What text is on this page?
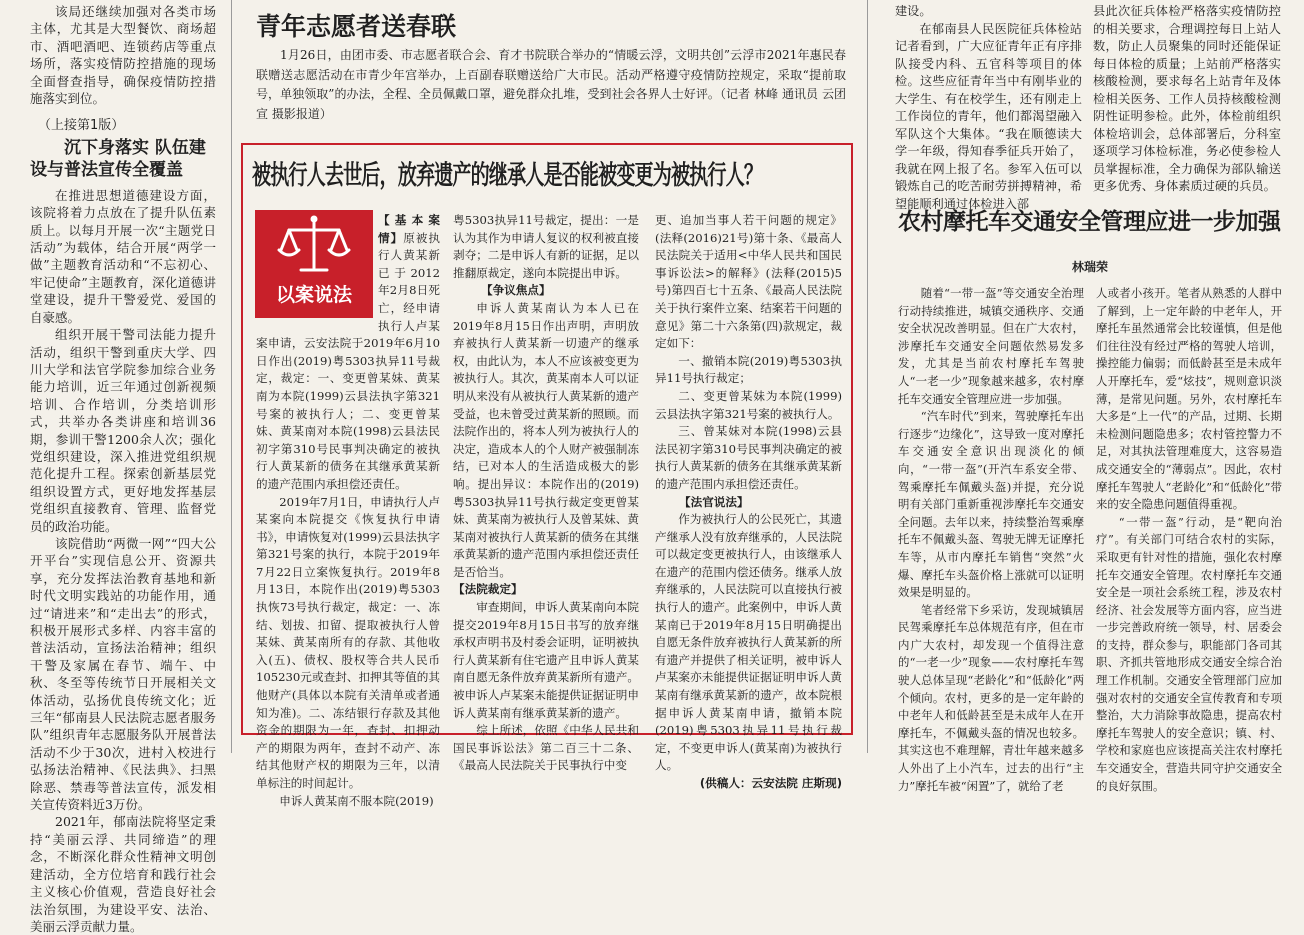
该局还继续加强对各类市场主体，尤其是大型餐饮、商场超市、酒吧酒吧、连锁药店等重点场所，落实疫情防控措施的现场全面督查指导，确保疫情防控措施落实到位。

（上接第1版）
沉下身落实 队伍建
设与普法宣传全覆盖

在推进思想道德建设方面，该院将着力点放在了提升队伍素质上。以每月开展一次“主题党日活动”为载体，结合开展“两学一做”主题教育活动和“不忘初心、牢记使命”主题教育，深化道德讲堂建设，提升干警爱党、爱国的自豪感。

组织开展干警司法能力提升活动，组织干警到重庆大学、四川大学和法官学院参加综合业务能力培训，近三年通过创新视频培训、合作培训，分类培训形式，共举办各类讲座和培训36期，参训干警1200余人次；强化党组织建设，深入推进党组织规范化提升工程。探索创新基层党组织设置方式，更好地发挥基层党组织直接教育、管理、监督党员的政治功能。

该院借助“两微一网”“四大公开平台”实现信息公开、资源共享，充分发挥法治教育基地和新时代文明实践站的功能作用，通过“请进来”和“走出去”的形式，积极开展形式多样、内容丰富的普法活动，宣扬法治精神；组织干警及家属在春节、端午、中秋、冬至等传统节日开展相关文体活动，弘扬优良传统文化；近三年“郁南县人民法院志愿者服务队”组织青年志愿服务队开展普法活动不少于30次，进村入校进行弘扬法治精神、《民法典》、扫黑除恶、禁毒等普法宣传，派发相关宣传资料近3万份。

2021年，郁南法院将坚定秉持“美丽云浮、共同缔造”的理念，不断深化群众性精神文明创建活动，全方位培育和践行社会主义核心价值观，营造良好社会法治氛围，为建设平安、法治、美丽云浮贡献力量。

青年志愿者送春联

1月26日，由团市委、市志愿者联合会、育才书院联合举办的“情暖云浮，文明共创”云浮市2021年惠民春联赠送志愿活动在市青少年宫举办，上百副春联赠送给广大市民。活动严格遵守疫情防控规定，采取“提前取号，单独领取”的办法，全程、全员佩戴口罩，避免群众扎堆，受到社会各界人士好评。（记者 林峰 通讯员 云团宣 摄影报道）

被执行人去世后，放弃遗产的继承人是否能被变更为被执行人？
以案说法

【基本案情】原被执行人黄某新已于2012年2月8日死亡，经申请执行人卢某案申请，云安法院于2019年6月10日作出(2019)粤5303执异11号裁定，裁定：一、变更曾某妹、黄某南为本院(1999)云县法执字第321号案的被执行人；二、变更曾某妹、黄某南对本院(1998)云县法民初字第310号民事判决确定的被执行人黄某新的债务在其继承黄某新的遗产范围内承担偿还责任。

2019年7月1日，申请执行人卢某案向本院提交《恢复执行申请书》，申请恢复对(1999)云县法执字第321号案的执行，本院于2019年7月22日立案恢复执行。2019年8月13日，本院作出(2019)粤5303执恢73号执行裁定，裁定：一、冻结、划拔、扣留、提取被执行人曾某妹、黄某南所有的存款、其他收入(五)、债权、股权等合共人民币105230元或查封、扣押其等值的其他财产(具体以本院有关清单或者通知为准)。二、冻结银行存款及其他资金的期限为一年，查封、扣押动产的期限为两年，查封不动产、冻结其他财产权的期限为三年，以清单标注的时间起计。

申诉人黄某南不服本院(2019)

粤5303执异11号裁定，提出：一是认为其作为申请人复议的权利被直接剥夺；二是申诉人有新的证据，足以推翻原裁定，遂向本院提出申诉。

【争议焦点】

申诉人黄某南认为本人已在2019年8月15日作出声明，声明放弃被执行人黄某新一切遗产的继承权，由此认为，本人不应该被变更为被执行人。其次，黄某南本人可以证明从来没有从被执行人黄某新的遗产受益，也未曾受过黄某新的照顾。而法院作出的，将本人列为被执行人的决定，造成本人的个人财产被强制冻结，已对本人的生活造成极大的影响。提出异议：本院作出的(2019)粤5303执异11号执行裁定变更曾某妹、黄某南为被执行人及曾某妹、黄某南对被执行人黄某新的债务在其继承黄某新的遗产范围内承担偿还责任是否恰当。

【法院裁定】

审查期间，申诉人黄某南向本院提交2019年8月15日书写的放弃继承权声明书及村委会证明，证明被执行人黄某新有住宅遗产且申诉人黄某南自愿无条件放弃黄某新所有遗产。被申诉人卢某案未能提供证据证明申诉人黄某南有继承黄某新的遗产。

综上所述，依照《中华人民共和国民事诉讼法》第二百三十二条、《最高人民法院关于民事执行中变

更、追加当事人若干问题的规定》(法释(2016)21号)第十条、《最高人民法院关于适用<中华人民共和国民事诉讼法>的解释》(法释(2015)5号)第四百七十五条、《最高人民法院关于执行案件立案、结案若干问题的意见》第二十六条第(四)款规定，裁定如下：

一、撤销本院(2019)粤5303执异11号执行裁定；

二、变更曾某妹为本院(1999)云县法执字第321号案的被执行人。

三、曾某妹对本院(1998)云县法民初字第310号民事判决确定的被执行人黄某新的债务在其继承黄某新的遗产范围内承担偿还责任。

【法官说法】

作为被执行人的公民死亡，其遗产继承人没有放弃继承的，人民法院可以裁定变更被执行人，由该继承人在遗产的范围内偿还债务。继承人放弃继承的，人民法院可以直接执行被执行人的遗产。此案例中，申诉人黄某南已于2019年8月15日明确提出自愿无条件放弃被执行人黄某新的所有遗产并提供了相关证明，被申诉人卢某案亦未能提供证据证明申诉人黄某南有继承黄某新的遗产，故本院根据申诉人黄某南申请，撤销本院(2019)粤5303执异11号执行裁定，不变更申诉人(黄某南)为被执行人。

(供稿人：云安法院 庄斯现)

建设。

在郁南县人民医院征兵体检站记者看到，广大应征青年正有序排队接受内科、五官科等项目的体检。这些应征青年当中有刚毕业的大学生、有在校学生，还有刚走上工作岗位的青年，他们都渴望融入军队这个大集体。“我在顺德读大学一年级，得知春季征兵开始了，我就在网上报了名。参军入伍可以锻炼自己的吃苦耐劳拼搏精神，希望能顺利通过体检进入部

县此次征兵体检严格落实疫情防控的相关要求，合理调控每日上站人数，防止人员聚集的同时还能保证每日体检的质量；上站前严格落实核酸检测，要求每名上站青年及体检相关医务、工作人员持核酸检测阴性证明参检。此外，体检前组织体检培训会，总体部署后，分科室逐项学习体检标准，务必使参检人员掌握标准，全力确保为部队输送更多优秀、身体素质过硬的兵员。

农村摩托车交通安全管理应进一步加强
林瑞荣

随着“一带一盔”等交通安全治理行动持续推进，城镇交通秩序、交通安全状况改善明显。但在广大农村，涉摩托车交通安全问题依然易发多发，尤其是当前农村摩托车驾驶人“一老一少”现象越来越多，农村摩托车交通安全管理应进一步加强。

“汽车时代”到来，驾驶摩托车出行逐步“边缘化”，这导致一度对摩托车交通安全意识出现淡化的倾向，“一带一盔”(开汽车系安全带、驾乘摩托车佩戴头盔)并提，充分说明有关部门重新重视涉摩托车交通安全问题。去年以来，持续整治驾乘摩托车不佩戴头盔、驾驶无牌无证摩托车等，从市内摩托车销售“突然”火爆、摩托车头盔价格上涨就可以证明效果是明显的。

笔者经常下乡采访，发现城镇居民驾乘摩托车总体规范有序，但在市内广大农村，却发现一个值得注意的“一老一少”现象——农村摩托车驾驶人总体呈现“老龄化”和“低龄化”两个倾向。农村，更多的是一定年龄的中老年人和低龄甚至是未成年人在开摩托车，不佩戴头盔的情况也较多。其实这也不难理解，青壮年越来越多人外出了上小汽车，过去的出行“主力”摩托车被“闲置”了，就给了老

人或者小孩开。笔者从熟悉的人群中了解到，上一定年龄的中老年人，开摩托车虽然通常会比较谨慎，但是他们往往没有经过严格的驾驶人培训，操控能力偏弱；而低龄甚至是未成年人开摩托车，爱“炫技”，规则意识淡薄，是常见问题。另外，农村摩托车大多是“上一代”的产品，过期、长期未检测问题隐患多；农村管控警力不足，对其执法管理难度大，这容易造成交通安全的“薄弱点”。因此，农村摩托车驾驶人“老龄化”和“低龄化”带来的安全隐患问题值得重视。

“一带一盔”行动，是“靶向治疗”。有关部门可结合农村的实际，采取更有针对性的措施，强化农村摩托车交通安全管理。农村摩托车交通安全是一项社会系统工程，涉及农村经济、社会发展等方面内容，应当进一步完善政府统一领导，村、居委会的支持，群众参与，职能部门各司其职、齐抓共管地形成交通安全综合治理工作机制。交通安全管理部门应加强对农村的交通安全宣传教育和专项整治，大力消除事故隐患，提高农村摩托车驾驶人的安全意识；镇、村、学校和家庭也应该提高关注农村摩托车交通安全，营造共同守护交通安全的良好氛围。
